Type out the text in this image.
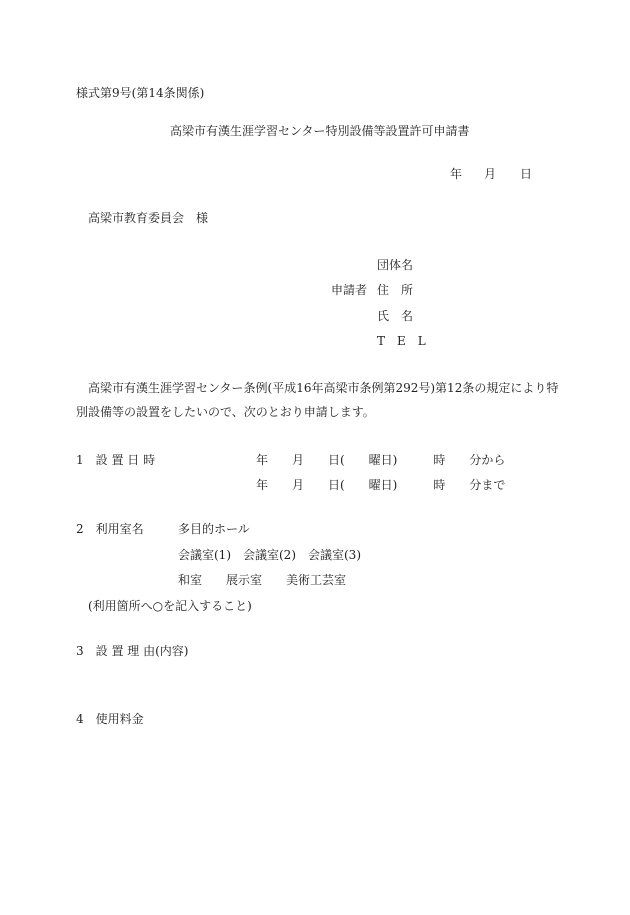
様式第9号(第14条関係)
高梁市有漢生涯学習センター特別設備等設置許可申請書
年 月 日
高梁市教育委員会　様
団体名
申請者 住　所
氏　名
T　E　L
高梁市有漢生涯学習センター条例(平成16年高梁市条例第292号)第12条の規定により特
別設備等の設置をしたいので、次のとおり申請します。
1　設 置 日 時	年　　月　　日(　　曜日)　　　時　　分から
年　　月　　日(　　曜日)　　　時　　分まで
2　利用室名	多目的ホール
会議室(1)　会議室(2)　会議室(3)
和室　　展示室　　美術工芸室
(利用箇所へ○を記入すること)
3　設 置 理 由(内容)
4　使用料金
